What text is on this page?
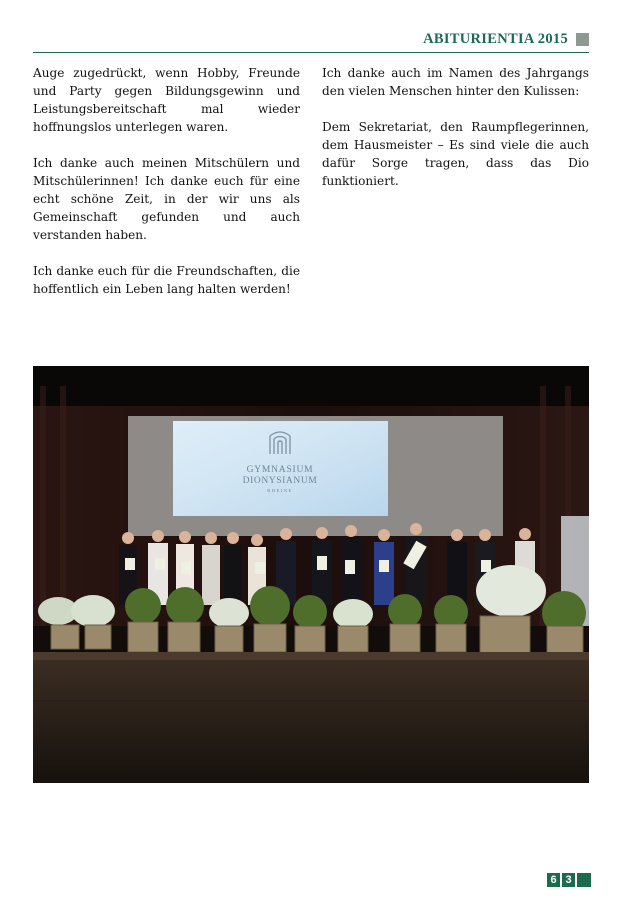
ABITURIENTIA 2015

Auge zugedrückt, wenn Hobby, Freunde und Party gegen Bildungsgewinn und Leistungsbereitschaft mal wieder hoffnungslos unterlegen waren.

Ich danke auch meinen Mitschülern und Mitschülerinnen! Ich danke euch für eine echt schöne Zeit, in der wir uns als Gemeinschaft gefunden und auch verstanden haben.

Ich danke euch für die Freundschaften, die hoffentlich ein Leben lang halten werden!

Ich danke auch im Namen des Jahrgangs den vielen Menschen hinter den Kulissen:

Dem Sekretariat, den Raumpflegerinnen, dem Hausmeister – Es sind viele die auch dafür Sorge tragen, dass das Dio funktioniert.

GYMNASIUM
DIONYSIANUM
RHEINE
6 3
